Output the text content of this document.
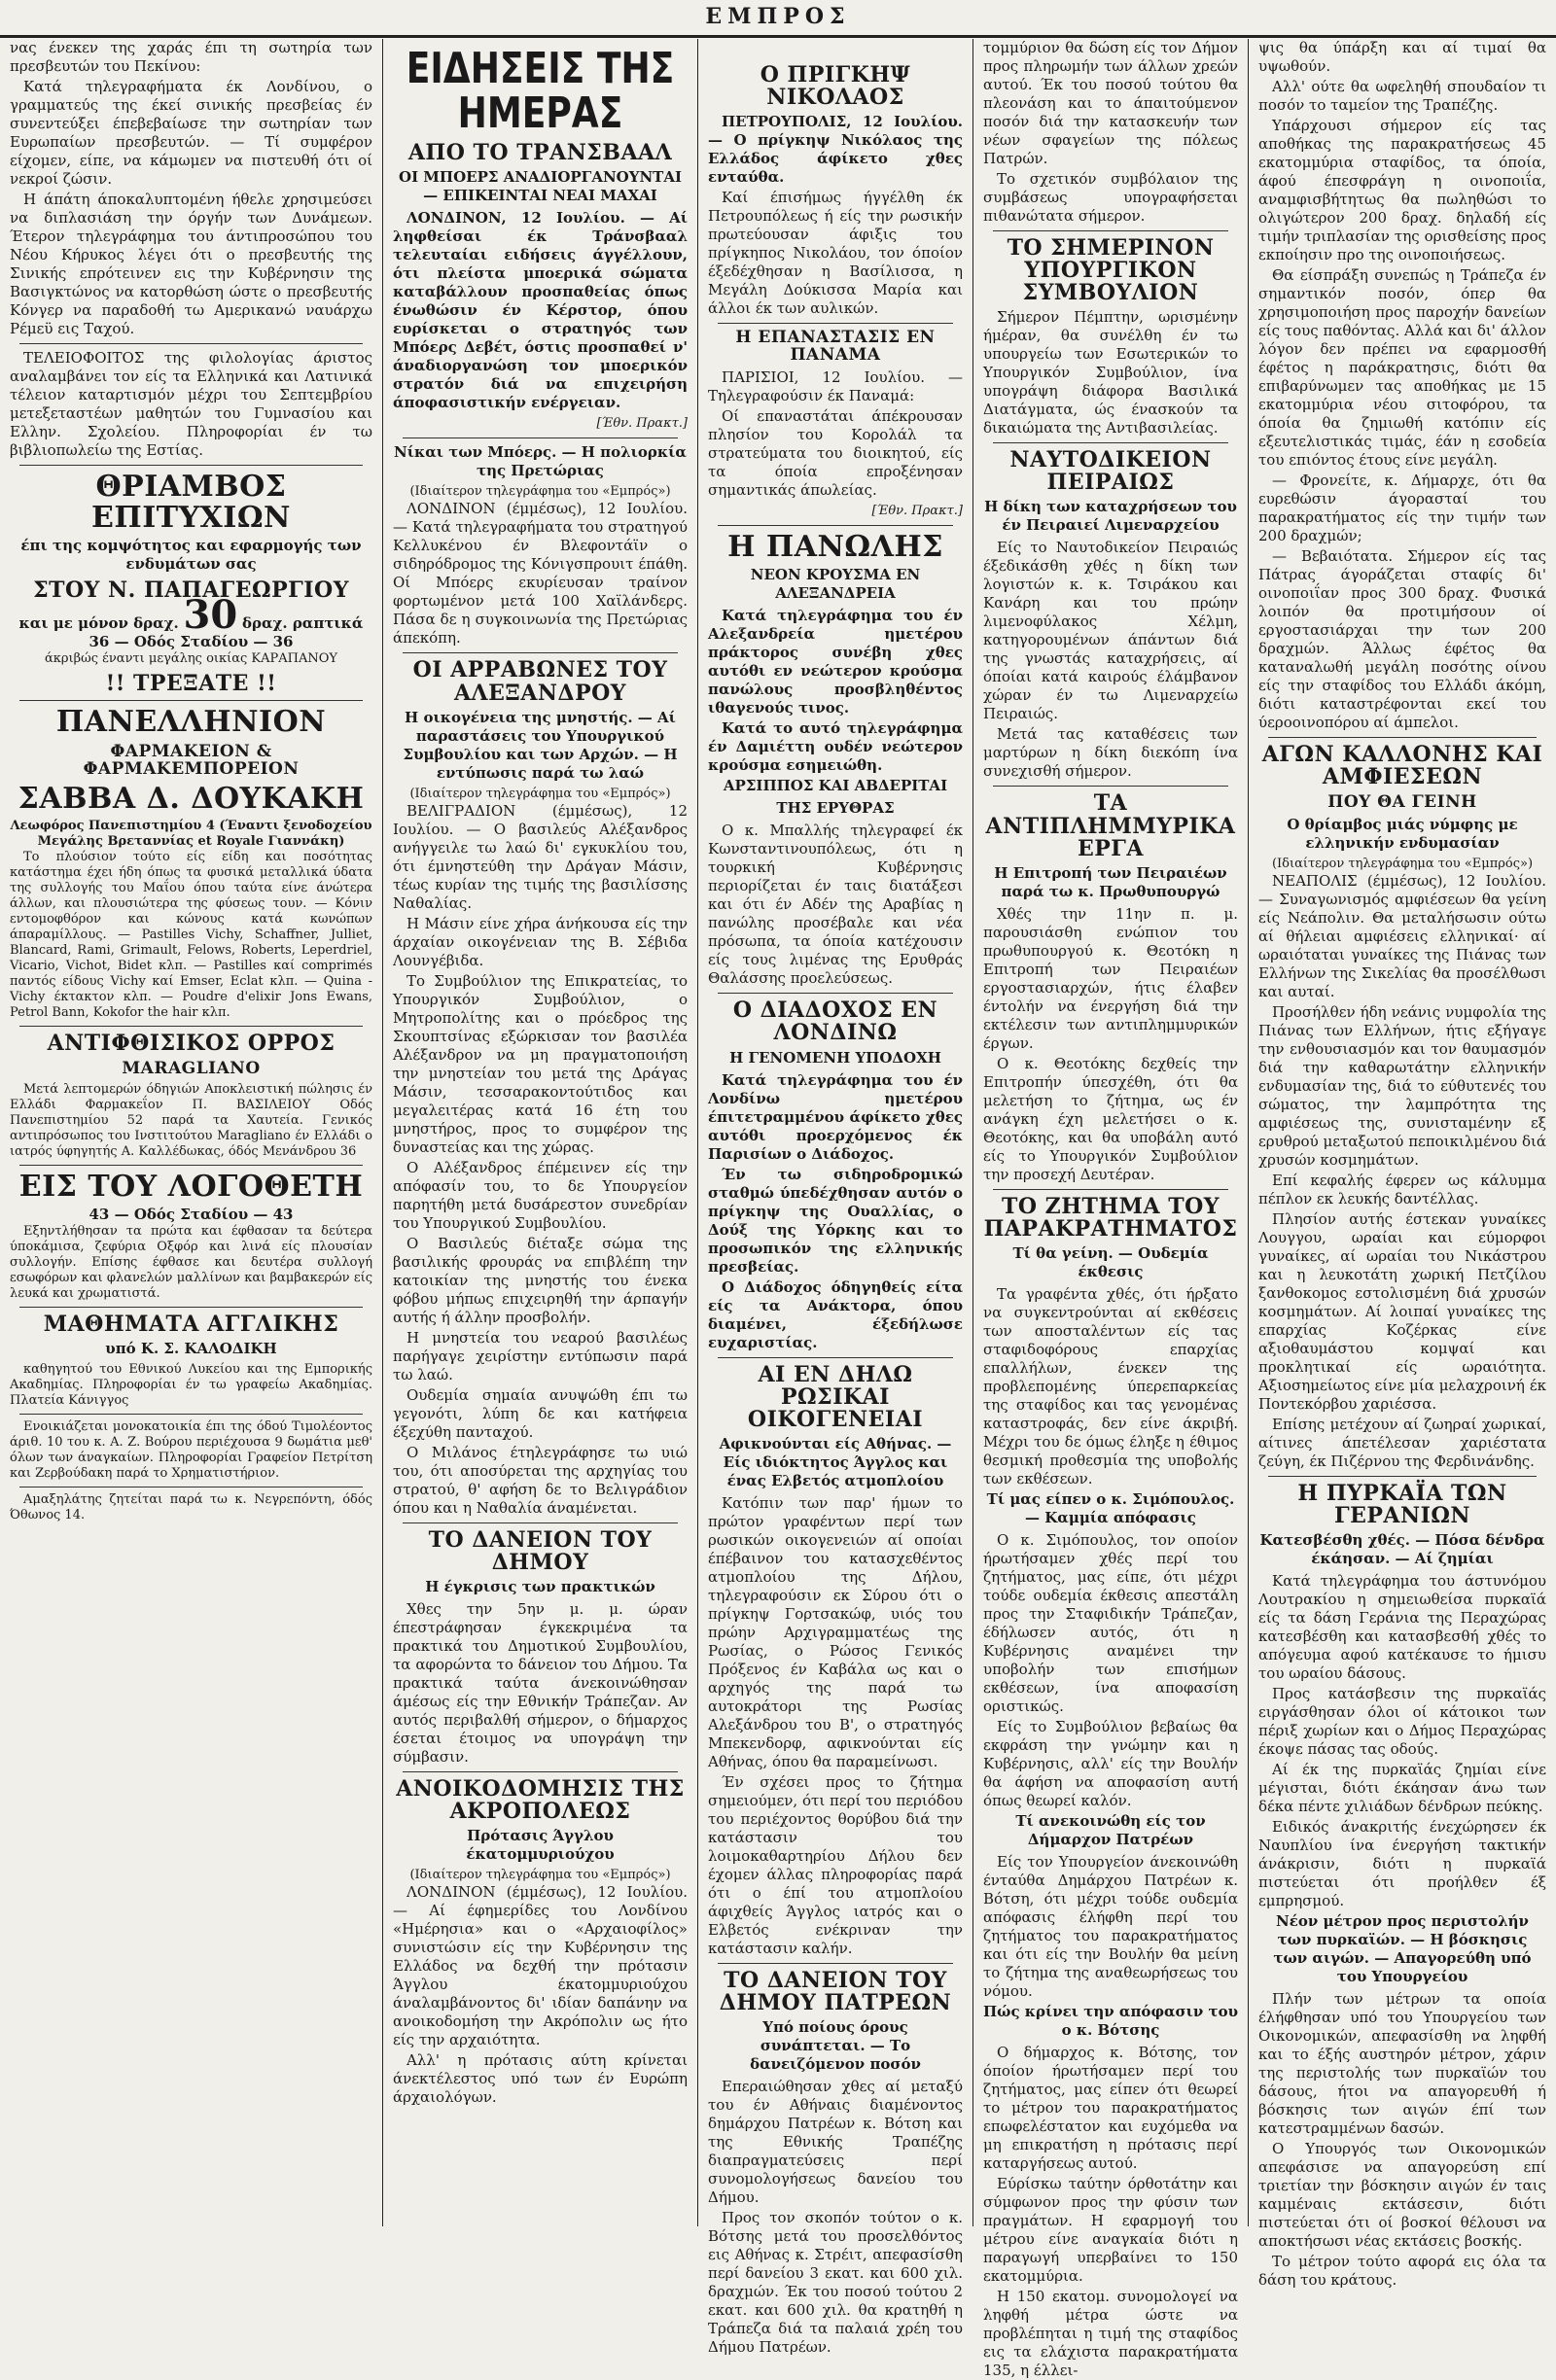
ΕΜΠΡΟΣ

νας ένεκεν της χαράς έπι τη σωτηρία των πρεσβευτών του Πεκίνου:

Κατά τηλεγραφήματα έκ Λονδίνου, ο γραμματεύς της έκεί σινικής πρεσβείας έν συνεντεύξει έπεβεβαίωσε την σωτηρίαν των Ευρωπαίων πρεσβευτών. — Τί συμφέρον είχομεν, είπε, να κάμωμεν να πιστευθή ότι οί νεκροί ζώσιν.

Η άπάτη άποκαλυπτομένη ήθελε χρησιμεύσει να διπλασιάση την όργήν των Δυνάμεων. Έτερον τηλεγράφημα του άντιπροσώπου του Νέου Κήρυκος λέγει ότι ο πρεσβευτής της Σινικής επρότεινεν εις την Κυβέρνησιν της Βασιγκτώνος να κατορθώση ώστε ο πρεσβευτής Κόνγερ να παραδοθή τω Αμερικανώ ναυάρχω Ρέμεϋ εις Ταχού.

ΤΕΛΕΙΟΦΟΙΤΟΣ της φιλολογίας άριστος αναλαμβάνει τον είς τα Ελληνικά και Λατινικά τέλειον καταρτισμόν μέχρι του Σεπτεμβρίου μετεξεταστέων μαθητών του Γυμνασίου και Ελλην. Σχολείου. Πληροφορίαι έν τω βιβλιοπωλείω της Εστίας.

ΘΡΙΑΜΒΟΣ ΕΠΙΤΥΧΙΩΝ
έπι της κομψότητος και εφαρμογής των ενδυμάτων σας
ΣΤΟΥ Ν. ΠΑΠΑΓΕΩΡΓΙΟΥ
και με μόνον δραχ. 30 δραχ. ραπτικά
36 — Οδός Σταδίου — 36
άκριβώς έναντι μεγάλης οικίας ΚΑΡΑΠΑΝΟΥ
!! ΤΡΕΞΑΤΕ !!
ΠΑΝΕΛΛΗΝΙΟΝ
ΦΑΡΜΑΚΕΙΟΝ & ΦΑΡΜΑΚΕΜΠΟΡΕΙΟΝ
ΣΑΒΒΑ Δ. ΔΟΥΚΑΚΗ
Λεωφόρος Πανεπιστημίου 4 (Έναντι ξενοδοχείου Μεγάλης Βρεταννίας et Royale Γιαννάκη)

Το πλούσιον τούτο είς είδη και ποσότητας κατάστημα έχει ήδη όπως τα φυσικά μεταλλικά ύδατα της συλλογής του Μαΐου όπου ταύτα είνε άνώτερα άλλων, και πλουσιώτερα της φύσεως τουν. — Κόνιν εντομοφθόρον και κώνους κατά κωνώπων άπαραμίλλους. — Pastilles Vichy, Schaffner, Julliet, Blancard, Rami, Grimault, Felows, Roberts, Leperdriel, Vicario, Vichot, Bidet κλπ. — Pastilles καί comprimés παντός είδους Vichy καί Emser, Eclat κλπ. — Quina - Vichy έκτακτον κλπ. — Poudre d'elixir Jons Ewans, Petrol Bann, Kokofor the hair κλπ.

ΑΝΤΙΦΘΙΣΙΚΟΣ ΟΡΡΟΣ
MARAGLIANO

Μετά λεπτομερών όδηγιών Αποκλειστική πώλησις έν Ελλάδι Φαρμακεΐον Π. ΒΑΣΙΛΕΙΟΥ Οδός Πανεπιστημίου 52 παρά τα Χαυτεία. Γενικός αντιπρόσωπος του Ινστιτούτου Maragliano έν Ελλάδι ο ιατρός ύφηγητής Α. Καλλέδωκας, όδός Μενάνδρου 36

ΕΙΣ ΤΟΥ ΛΟΓΟΘΕΤΗ
43 — Οδός Σταδίου — 43

Εξηντλήθησαν τα πρώτα και έφθασαν τα δεύτερα ύποκάμισα, ζεφύρια Οξφόρ και λινά είς πλουσίαν συλλογήν. Επίσης έφθασε και δευτέρα συλλογή εσωφόρων και φλανελών μαλλίνων και βαμβακερών είς λευκά και χρωματιστά.

ΜΑΘΗΜΑΤΑ ΑΓΓΛΙΚΗΣ
υπό Κ. Σ. ΚΑΛΟΔΙΚΗ

καθηγητού του Εθνικού Λυκείου και της Εμπορικής Ακαδημίας. Πληροφορίαι έν τω γραφείω Ακαδημίας. Πλατεία Κάνιγγος

Ενοικιάζεται μονοκατοικία έπι της όδού Τιμολέοντος άριθ. 10 του κ. Α. Ζ. Βούρου περιέχουσα 9 δωμάτια μεθ' όλων των άναγκαίων. Πληροφορίαι Γραφείον Πετρίτση και Ζερβούδακη παρά το Χρηματιστήριον.

Αμαξηλάτης ζητείται παρά τω κ. Νεγρεπόντη, όδός Όθωνος 14.

ΕΙΔΗΣΕΙΣ ΤΗΣ ΗΜΕΡΑΣ
ΑΠΟ ΤΟ ΤΡΑΝΣΒΑΑΛ
ΟΙ ΜΠΟΕΡΣ ΑΝΑΔΙΟΡΓΑΝΟΥΝΤΑΙ — ΕΠΙΚΕΙΝΤΑΙ ΝΕΑΙ ΜΑΧΑΙ

ΛΟΝΔΙΝΟΝ, 12 Ιουλίου. — Αί ληφθείσαι έκ Τράνσβααλ τελευταίαι ειδήσεις άγγέλλουν, ότι πλείστα μπoερικά σώματα καταβάλλουν προσπαθείας όπως ένωθώσιν έν Κέρστορ, όπου ευρίσκεται ο στρατηγός των Μπόερς Δεβέτ, όστις προσπαθεί ν' άναδιοργανώση τον μπoερικόν στρατόν διά να επιχειρήση άποφασιστικήν ενέργειαν.

[Έθν. Πρακτ.]
Νίκαι των Μπόερς. — Η πολιορκία της Πρετώριας
(Ιδιαίτερον τηλεγράφημα του «Εμπρός»)

ΛΟΝΔΙΝΟΝ (έμμέσως), 12 Ιουλίου. — Κατά τηλεγραφήματα του στρατηγού Κελλυκένου έν Βλεφοντάϊν ο σιδηρόδρομος της Κόνιγσπρουιτ έπάθη. Οί Μπόερς εκυρίευσαν τραίνον φορτωμένον μετά 100 Χαϊλάνδερς. Πάσα δε η συγκοινωνία της Πρετώριας άπεκόπη.

ΟΙ ΑΡΡΑΒΩΝΕΣ ΤΟΥ ΑΛΕΞΑΝΔΡΟΥ
Η οικογένεια της μνηστής. — Αί παραστάσεις του Υπουργικού Συμβουλίου και των Αρχών. — Η εντύπωσις παρά τω λαώ
(Ιδιαίτερον τηλεγράφημα του «Εμπρός»)

ΒΕΛΙΓΡΑΔΙΟΝ (έμμέσως), 12 Ιουλίου. — Ο βασιλεύς Αλέξανδρος ανήγγειλε τω λαώ δι' εγκυκλίου του, ότι έμνηστεύθη την Δράγαν Μάσιν, τέως κυρίαν της τιμής της βασιλίσσης Ναθαλίας.

Η Μάσιν είνε χήρα άνήκουσα είς την άρχαίαν οικογένειαν της Β. Σέβιδα Λουνγέβιδα.

Το Συμβούλιον της Επικρατείας, το Υπουργικόν Συμβούλιον, ο Μητροπολίτης και ο πρόεδρος της Σκουπτσίνας εξώρκισαν τον βασιλέα Αλέξανδρον να μη πραγματοποιήση την μνηστείαν του μετά της Δράγας Μάσιν, τεσσαρακοντούτιδος και μεγαλειτέρας κατά 16 έτη του μνηστήρος, προς το συμφέρον της δυναστείας και της χώρας.

Ο Αλέξανδρος έπέμεινεν είς την απόφασίν του, το δε Υπουργείον παρητήθη μετά δυσάρεστον συνεδρίαν του Υπουργικού Συμβουλίου.

Ο Βασιλεύς διέταξε σώμα της βασιλικής φρουράς να επιβλέπη την κατοικίαν της μνηστής του ένεκα φόβου μήπως επιχειρηθή την άρπαγήν αυτής ή άλλην προσβολήν.

Η μνηστεία του νεαρού βασιλέως παρήγαγε χειρίστην εντύπωσιν παρά τω λαώ.

Ουδεμία σημαία ανυψώθη έπι τω γεγονότι, λύπη δε και κατήφεια έξεχύθη πανταχού.

Ο Μιλάνος έτηλεγράφησε τω υιώ του, ότι αποσύρεται της αρχηγίας του στρατού, θ' αφήση δε το Βελιγράδιον όπου και η Ναθαλία άναμένεται.

ΤΟ ΔΑΝΕΙΟΝ ΤΟΥ ΔΗΜΟΥ
Η έγκρισις των πρακτικών

Χθες την 5ην μ. μ. ώραν έπεστράφησαν έγκεκριμένα τα πρακτικά του Δημοτικού Συμβουλίου, τα αφορώντα το δάνειον του Δήμου. Τα πρακτικά ταύτα άνεκοινώθησαν άμέσως είς την Εθνικήν Τράπεζαν. Αν αυτός περιβαλθή σήμερον, ο δήμαρχος έσεται έτοιμος να υπογράψη την σύμβασιν.

ΑΝΟΙΚΟΔΟΜΗΣΙΣ ΤΗΣ ΑΚΡΟΠΟΛΕΩΣ
Πρότασις Άγγλου έκατομμυριούχου
(Ιδιαίτερον τηλεγράφημα του «Εμπρός»)

ΛΟΝΔΙΝΟΝ (έμμέσως), 12 Ιουλίου. — Αί έφημερίδες του Λονδίνου «Ημέρησια» και ο «Αρχαιοφίλος» συνιστώσιν είς την Κυβέρνησιν της Ελλάδος να δεχθή την πρότασιν Άγγλου έκατομμυριούχου άναλαμβάνοντος δι' ιδίαν δαπάνην να ανοικοδομήση την Ακρόπολιν ως ήτο είς την αρχαιότητα.

Αλλ' η πρότασις αύτη κρίνεται άνεκτέλεστος υπό των έν Ευρώπη άρχαιολόγων.

Ο ΠΡΙΓΚΗΨ ΝΙΚΟΛΑΟΣ

ΠΕΤΡΟΥΠΟΛΙΣ, 12 Ιουλίου. — Ο πρίγκηψ Νικόλαος της Ελλάδος άφίκετο χθες ενταύθα.

Καί έπισήμως ήγγέλθη έκ Πετρουπόλεως ή είς την ρωσικήν πρωτεύουσαν άφιξις του πρίγκηπος Νικολάου, τον όποίον έξεδέχθησαν η Βασίλισσα, η Μεγάλη Δούκισσα Μαρία και άλλοι έκ των αυλικών.

Η ΕΠΑΝΑΣΤΑΣΙΣ ΕΝ ΠΑΝΑΜΑ

ΠΑΡΙΣΙΟΙ, 12 Ιουλίου. — Τηλεγραφούσιν έκ Παναμά:

Οί επαναστάται άπέκρουσαν πλησίον του Κορολάλ τα στρατεύματα του διοικητού, είς τα όποία επροξένησαν σημαντικάς άπωλείας.

[Έθν. Πρακτ.]
Η ΠΑΝΩΛΗΣ
ΝΕΟΝ ΚΡΟΥΣΜΑ ΕΝ ΑΛΕΞΑΝΔΡΕΙΑ

Κατά τηλεγράφημα του έν Αλεξανδρεία ημετέρου πράκτορος συνέβη χθες αυτόθι εν νεώτερον κρούσμα πανώλους προσβληθέντος ιθαγενούς τινος.

Κατά το αυτό τηλεγράφημα έν Δαμιέττη ουδέν νεώτερον κρούσμα εσημειώθη.

ΑΡΣΙΠΠΟΣ ΚΑΙ ΑΒΔΕΡΙΤΑΙ
ΤΗΣ ΕΡΥΘΡΑΣ

Ο κ. Μπαλλής τηλεγραφεί έκ Κωνσταντινουπόλεως, ότι η τουρκική Κυβέρνησις περιορίζεται έν ταις διατάξεσι και ότι έν Αδέν της Αραβίας η πανώλης προσέβαλε και νέα πρόσωπα, τα όποία κατέχουσιν είς τους λιμένας της Ερυθράς Θαλάσσης προελεύσεως.

Ο ΔΙΑΔΟΧΟΣ ΕΝ ΛΟΝΔΙΝΩ
Η ΓΕΝΟΜΕΝΗ ΥΠΟΔΟΧΗ

Κατά τηλεγράφημα του έν Λονδίνω ημετέρου έπιτετραμμένου άφίκετο χθες αυτόθι προερχόμενος έκ Παρισίων ο Διάδοχος.

Έν τω σιδηροδρομικώ σταθμώ ύπεδέχθησαν αυτόν ο πρίγκηψ της Ουαλλίας, ο Δούξ της Υόρκης και το προσωπικόν της ελληνικής πρεσβείας.

Ο Διάδοχος όδηγηθείς είτα είς τα Ανάκτορα, όπου διαμένει, έξεδήλωσε ευχαριστίας.

ΑΙ ΕΝ ΔΗΛΩ ΡΩΣΙΚΑΙ ΟΙΚΟΓΕΝΕΙΑΙ
Αφικνούνται είς Αθήνας. — Είς ιδιόκτητος Άγγλος και ένας Ελβετός ατμοπλοίου

Κατόπιν των παρ' ήμων το πρώτον γραφέντων περί των ρωσικών οικογενειών αί οποίαι έπέβαινον του κατασχεθέντος ατμοπλοίου της Δήλου, τηλεγραφούσιν εκ Σύρου ότι ο πρίγκηψ Γορτσακώφ, υιός του πρώην Αρχιγραμματέως της Ρωσίας, ο Ρώσος Γενικός Πρόξενος έν Καβάλα ως και ο αρχηγός της παρά τω αυτοκράτορι της Ρωσίας Αλεξάνδρου του Β', ο στρατηγός Μπεκενδορφ, αφικνούνται είς Αθήνας, όπου θα παραμείνωσι.

Έν σχέσει προς το ζήτημα σημειούμεν, ότι περί του περιόδου του περιέχοντος θορύβου διά την κατάστασιν του λοιμοκαθαρτηρίου Δήλου δεν έχομεν άλλας πληροφορίας παρά ότι ο έπί του ατμοπλοίου άφιχθείς Άγγλος ιατρός και ο Ελβετός ενέκριναν την κατάστασιν καλήν.

ΤΟ ΔΑΝΕΙΟΝ ΤΟΥ ΔΗΜΟΥ ΠΑΤΡΕΩΝ
Υπό ποίους όρους συνάπτεται. — Το δανειζόμενον ποσόν

Επεραιώθησαν χθες αί μεταξύ του έν Αθήναις διαμένοντος δημάρχου Πατρέων κ. Βότση και της Εθνικής Τραπέζης διαπραγματεύσεις περί συνομολογήσεως δανείου του Δήμου.

Προς τον σκοπόν τούτον ο κ. Βότσης μετά του προσελθόντος εις Αθήνας κ. Στρέιτ, απεφασίσθη περί δανείου 3 εκατ. και 600 χιλ. δραχμών. Έκ του ποσού τούτου 2 εκατ. και 600 χιλ. θα κρατηθή η Τράπεζα διά τα παλαιά χρέη του Δήμου Πατρέων.

τομμύριον θα δώση είς τον Δήμον προς πληρωμήν των άλλων χρεών αυτού. Έκ του ποσού τούτου θα πλεονάση και το άπαιτούμενον ποσόν διά την κατασκευήν των νέων σφαγείων της πόλεως Πατρών.

Το σχετικόν συμβόλαιον της συμβάσεως υπογραφήσεται πιθανώτατα σήμερον.

ΤΟ ΣΗΜΕΡΙΝΟΝ ΥΠΟΥΡΓΙΚΟΝ ΣΥΜΒΟΥΛΙΟΝ

Σήμερον Πέμπτην, ωρισμένην ήμέραν, θα συνέλθη έν τω υπουργείω των Εσωτερικών το Υπουργικόν Συμβούλιον, ίνα υπογράψη διάφορα Βασιλικά Διατάγματα, ώς ένασκούν τα δικαιώματα της Αντιβασιλείας.

ΝΑΥΤΟΔΙΚΕΙΟΝ ΠΕΙΡΑΙΩΣ
Η δίκη των καταχρήσεων του έν Πειραιεί Λιμεναρχείου

Είς το Ναυτοδικείον Πειραιώς έξεδικάσθη χθές η δίκη των λογιστών κ. κ. Τσιράκου και Κανάρη και του πρώην λιμενοφύλακος Χέλμη, κατηγορουμένων άπάντων διά της γνωστάς καταχρήσεις, αί όποίαι κατά καιρούς έλάμβανον χώραν έν τω Λιμεναρχείω Πειραιώς.

Μετά τας καταθέσεις των μαρτύρων η δίκη διεκόπη ίνα συνεχισθή σήμερον.

ΤΑ ΑΝΤΙΠΛΗΜΜΥΡΙΚΑ ΕΡΓΑ
Η Επιτροπή των Πειραιέων παρά τω κ. Πρωθυπουργώ

Χθές την 11ην π. μ. παρουσιάσθη ενώπιον του πρωθυπουργού κ. Θεοτόκη η Επιτροπή των Πειραιέων εργοστασιαρχών, ήτις έλαβεν έντολήν να ένεργήση διά την εκτέλεσιν των αντιπλημμυρικών έργων.

Ο κ. Θεοτόκης δεχθείς την Επιτροπήν ύπεσχέθη, ότι θα μελετήση το ζήτημα, ως έν ανάγκη έχη μελετήσει ο κ. Θεοτόκης, και θα υποβάλη αυτό είς το Υπουργικόν Συμβούλιον την προσεχή Δευτέραν.

ΤΟ ΖΗΤΗΜΑ ΤΟΥ ΠΑΡΑΚΡΑΤΗΜΑΤΟΣ
Τί θα γείνη. — Ουδεμία έκθεσις

Τα γραφέντα χθές, ότι ήρξατο να συγκεντρούνται αί εκθέσεις των αποσταλέντων είς τας σταφιδοφόρους επαρχίας επαλλήλων, ένεκεν της προβλεπομένης ύπερεπαρκείας της σταφίδος και τας γενομένας καταστροφάς, δεν είνε άκριβή. Μέχρι του δε όμως έληξε η έθιμος θεσμική προθεσμία της υποβολής των εκθέσεων.

Τί μας είπεν ο κ. Σιμόπουλος. — Καμμία απόφασις

Ο κ. Σιμόπουλος, τον οποίον ήρωτήσαμεν χθές περί του ζητήματος, μας είπε, ότι μέχρι τούδε ουδεμία έκθεσις απεστάλη προς την Σταφιδικήν Τράπεζαν, έδήλωσεν αυτός, ότι η Κυβέρνησις αναμένει την υποβολήν των επισήμων εκθέσεων, ίνα αποφασίση οριστικώς.

Είς το Συμβούλιον βεβαίως θα εκφράση την γνώμην και η Κυβέρνησις, αλλ' είς την Βουλήν θα άφήση να αποφασίση αυτή όπως θεωρεί καλόν.

Τί ανεκοινώθη είς τον Δήμαρχον Πατρέων

Είς τον Υπουργείον άνεκοινώθη ένταύθα Δημάρχου Πατρέων κ. Βότση, ότι μέχρι τούδε ουδεμία απόφασις έλήφθη περί του ζητήματος του παρακρατήματος και ότι είς την Βουλήν θα μείνη το ζήτημα της αναθεωρήσεως του νόμου.

Πώς κρίνει την απόφασιν του ο κ. Βότσης

Ο δήμαρχος κ. Βότσης, τον όποίον ήρωτήσαμεν περί του ζητήματος, μας είπεν ότι θεωρεί το μέτρον του παρακρατήματος επωφελέστατον και ευχόμεθα να μη επικρατήση η πρότασις περί καταργήσεως αυτού.

Εύρίσκω ταύτην όρθοτάτην και σύμφωνον προς την φύσιν των πραγμάτων. Η εφαρμογή του μέτρου είνε αναγκαία διότι η παραγωγή υπερβαίνει το 150 εκατομμύρια.

Η 150 εκατομ. συνομολογεί να ληφθή μέτρα ώστε να προβλέπηται η τιμή της σταφίδος εις τα ελάχιστα παρακρατήματα 135, η έλλει-

ψις θα ύπάρξη και αί τιμαί θα υψωθούν.

Αλλ' ούτε θα ωφεληθή σπουδαίον τι ποσόν το ταμείον της Τραπέζης.

Υπάρχουσι σήμερον είς τας αποθήκας της παρακρατήσεως 45 εκατομμύρια σταφίδος, τα όποία, άφού έπεσφράγη η οινοποιΐα, αναμφισβήτητως θα πωληθώσι το ολιγώτερον 200 δραχ. δηλαδή είς τιμήν τριπλασίαν της ορισθείσης προς εκποίησιν προ της οινοποιήσεως.

Θα είσπράξη συνεπώς η Τράπεζα έν σημαντικόν ποσόν, όπερ θα χρησιμοποιήση προς παροχήν δανείων είς τους παθόντας. Αλλά και δι' άλλον λόγον δεν πρέπει να εφαρμοσθή έφέτος η παράκρατησις, διότι θα επιβαρύνωμεν τας αποθήκας με 15 εκατομμύρια νέου σιτοφόρου, τα όποία θα ζημιωθή κατόπιν είς εξευτελιστικάς τιμάς, έάν η εσοδεία του επιόντος έτους είνε μεγάλη.

— Φρονείτε, κ. Δήμαρχε, ότι θα ευρεθώσιν άγορασταί του παρακρατήματος είς την τιμήν των 200 δραχμών;

— Βεβαιότατα. Σήμερον είς τας Πάτρας άγοράζεται σταφίς δι' οινοποιΐαν προς 300 δραχ. Φυσικά λοιπόν θα προτιμήσουν οί εργοστασιάρχαι την των 200 δραχμών. Άλλως έφέτος θα καταναλωθή μεγάλη ποσότης οίνου είς την σταφίδος του Ελλάδι άκόμη, διότι καταστρέφονται εκεί του ύεροοινοπόρου αί άμπελοι.

ΑΓΩΝ ΚΑΛΛΟΝΗΣ ΚΑΙ ΑΜΦΙΕΣΕΩΝ
ΠΟΥ ΘΑ ΓΕΙΝΗ
Ο θρίαμβος μιάς νύμφης με ελληνικήν ενδυμασίαν
(Ιδιαίτερον τηλεγράφημα του «Εμπρός»)

ΝΕΑΠΟΛΙΣ (έμμέσως), 12 Ιουλίου. — Συναγωνισμός αμφιέσεων θα γείνη είς Νεάπολιν. Θα μεταλήσωσιν ούτω αί θήλειαι αμφιέσεις ελληνικαί· αί ωραιόταται γυναίκες της Πιάνας των Ελλήνων της Σικελίας θα προσέλθωσι και αυταί.

Προσήλθεν ήδη νεάνις νυμφολία της Πιάνας των Ελλήνων, ήτις εξήγαγε την ενθουσιασμόν και τον θαυμασμόν διά την καθαρωτάτην ελληνικήν ενδυμασίαν της, διά το εύθυτενές του σώματος, την λαμπρότητα της αμφιέσεως της, συνισταμένην εξ ερυθρού μεταξωτού πεποικιλμένου διά χρυσών κοσμημάτων.

Επί κεφαλής έφερεν ως κάλυμμα πέπλον εκ λευκής δαντέλλας.

Πλησίον αυτής έστεκαν γυναίκες Λουγγου, ωραίαι και εύμορφοι γυναίκες, αί ωραίαι του Νικάστρου και η λευκοτάτη χωρική Πετζίλου ξανθοκομος εστολισμένη διά χρυσών κοσμημάτων. Αί λοιπαί γυναίκες της επαρχίας Κοζέρκας είνε αξιοθαυμάστου κομψαί και προκλητικαί είς ωραιότητα. Αξιοσημείωτος είνε μία μελαχροινή έκ Ποντεκόρβου χαριέσσα.

Επίσης μετέχουν αί ζωηραί χωρικαί, αίτινες άπετέλεσαν χαριέστατα ζεύγη, έκ Πιζέρνου της Φερδινάνδης.

Η ΠΥΡΚΑΪΑ ΤΩΝ ΓΕΡΑΝΙΩΝ
Κατεσβέσθη χθές. — Πόσα δένδρα έκάησαν. — Αί ζημίαι

Κατά τηλεγράφημα του άστυνόμου Λουτρακίου η σημειωθείσα πυρκαϊά είς τα δάση Γεράνια της Περαχώρας κατεσβέσθη και κατασβεσθή χθές το απόγευμα αφού κατέκαυσε το ήμισυ του ωραίου δάσους.

Προς κατάσβεσιν της πυρκαϊάς ειργάσθησαν όλοι οί κάτοικοι των πέριξ χωρίων και ο Δήμος Περαχώρας έκοψε πάσας τας οδούς.

Αί έκ της πυρκαϊάς ζημίαι είνε μέγισται, διότι έκάησαν άνω των δέκα πέντε χιλιάδων δένδρων πεύκης.

Ειδικός άνακριτής ένεχώρησεν έκ Ναυπλίου ίνα ένεργήση τακτικήν άνάκρισιν, διότι η πυρκαϊά πιστεύεται ότι προήλθεν έξ εμπρησμού.

Νέον μέτρον προς περιστολήν των πυρκαϊών. — Η βόσκησις των αιγών. — Απαγορεύθη υπό του Υπουργείου

Πλήν των μέτρων τα οποία έλήφθησαν υπό του Υπουργείου των Οικονομικών, απεφασίσθη να ληφθή και το έξής αυστηρόν μέτρον, χάριν της περιστολής των πυρκαϊών του δάσους, ήτοι να απαγορευθή ή βόσκησις των αιγών έπί των κατεστραμμένων δασών.

Ο Υπουργός των Οικονομικών απεφάσισε να απαγορεύση επί τριετίαν την βόσκησιν αιγών έν ταις καμμέναις εκτάσεσιν, διότι πιστεύεται ότι οί βοσκοί θέλουσι να αποκτήσωσι νέας εκτάσεις βοσκής.

Το μέτρον τούτο αφορά εις όλα τα δάση του κράτους.
